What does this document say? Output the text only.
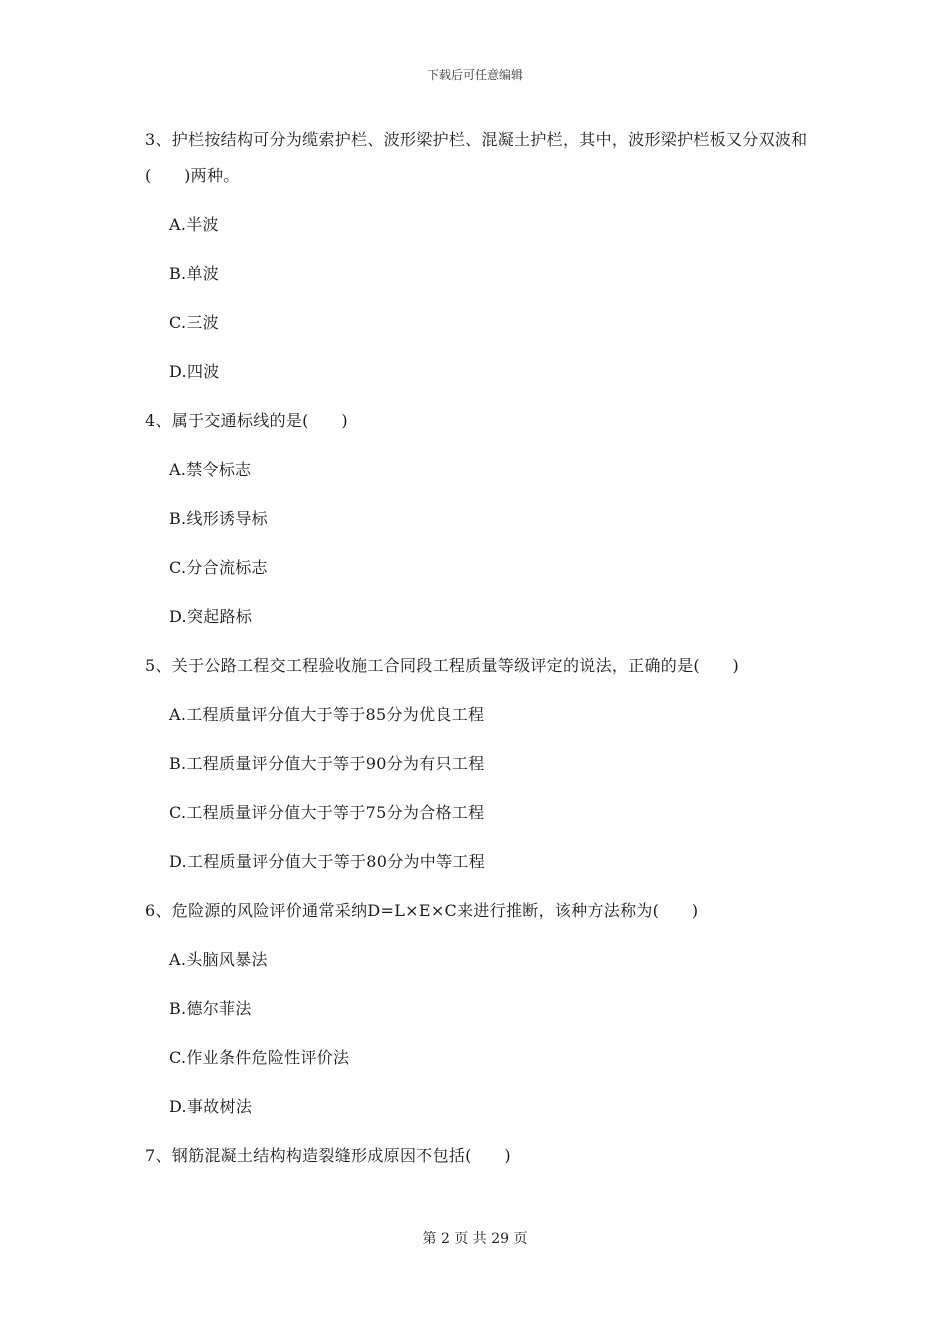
下载后可任意编辑

3、护栏按结构可分为缆索护栏、波形梁护栏、混凝土护栏，其中，波形梁护栏板又分双波和(　　)两种。

A.半波

B.单波

C.三波

D.四波

4、属于交通标线的是(　　)

A.禁令标志

B.线形诱导标

C.分合流标志

D.突起路标

5、关于公路工程交工程验收施工合同段工程质量等级评定的说法，正确的是(　　)

A.工程质量评分值大于等于85分为优良工程

B.工程质量评分值大于等于90分为有只工程

C.工程质量评分值大于等于75分为合格工程

D.工程质量评分值大于等于80分为中等工程

6、危险源的风险评价通常采纳D=L×E×C来进行推断，该种方法称为(　　)

A.头脑风暴法

B.德尔菲法

C.作业条件危险性评价法

D.事故树法

7、钢筋混凝土结构构造裂缝形成原因不包括(　　)

第 2 页 共 29 页
